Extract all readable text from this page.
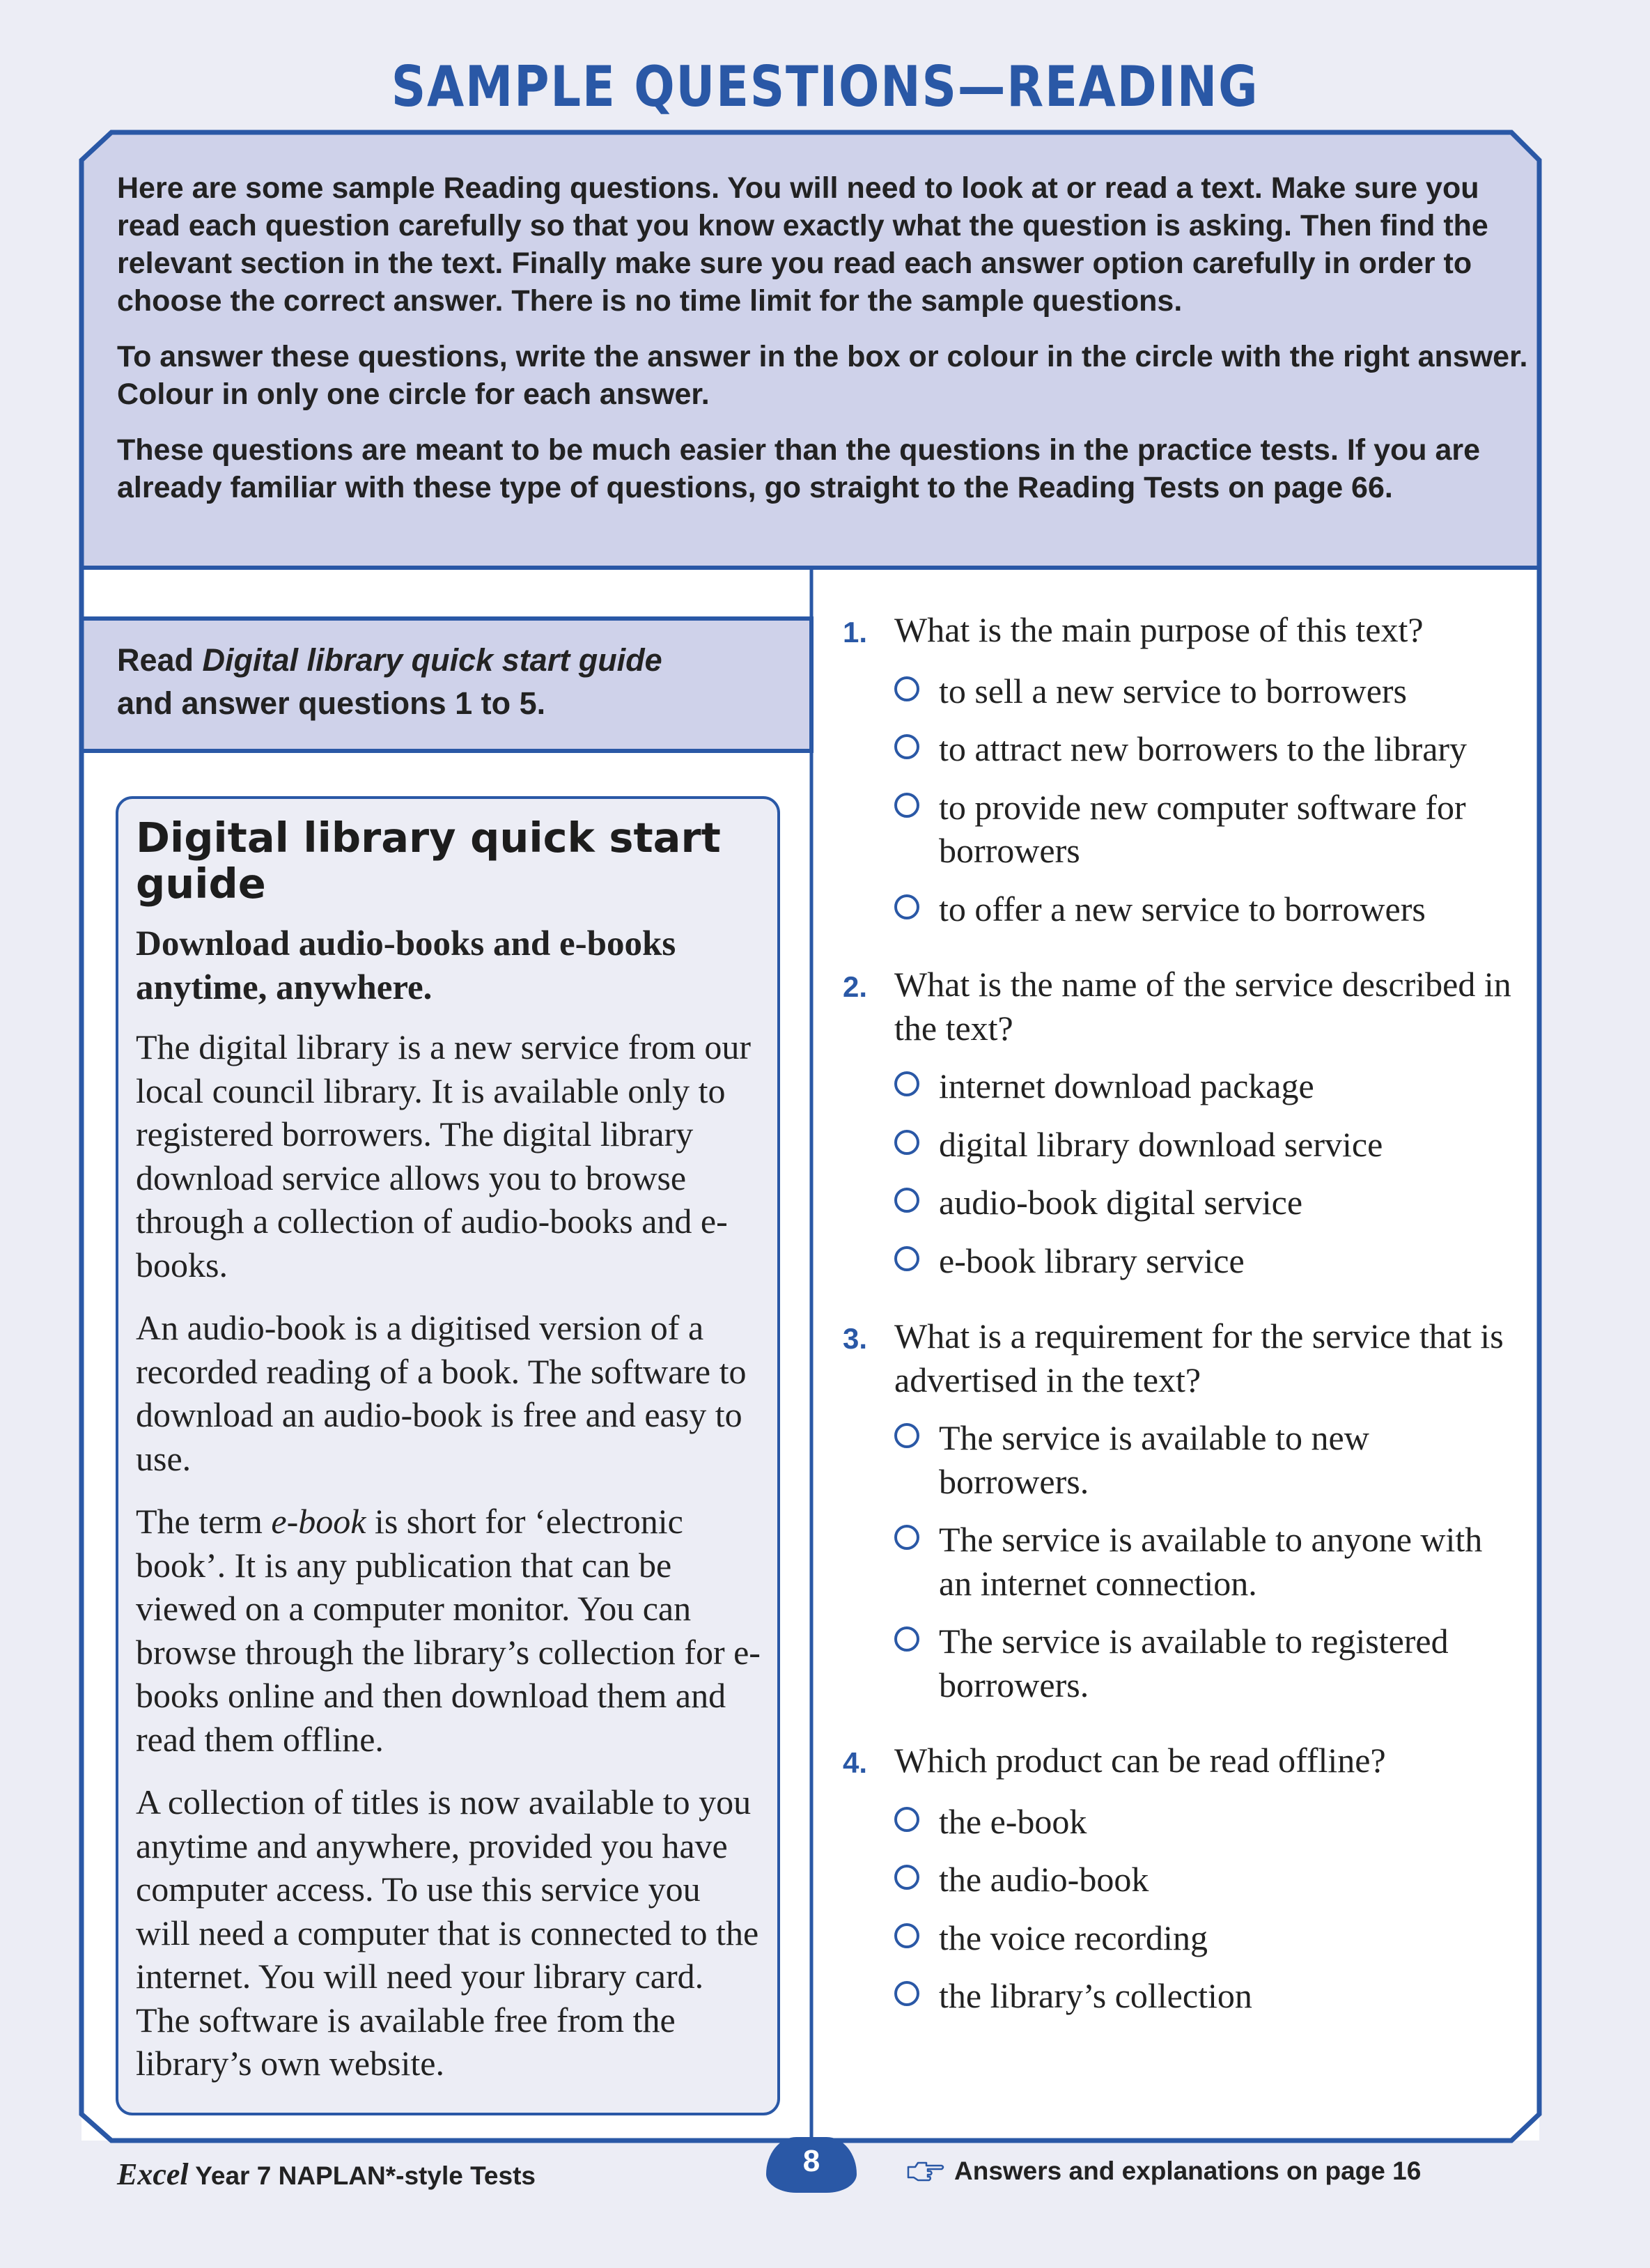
SAMPLE QUESTIONS—READING

Here are some sample Reading questions. You will need to look at or read a text. Make sure you read each question carefully so that you know exactly what the question is asking. Then find the relevant section in the text. Finally make sure you read each answer option carefully in order to choose the correct answer. There is no time limit for the sample questions.

To answer these questions, write the answer in the box or colour in the circle with the right answer. Colour in only one circle for each answer.

These questions are meant to be much easier than the questions in the practice tests. If you are already familiar with these type of questions, go straight to the Reading Tests on page 66.

Read Digital library quick start guide
and answer questions 1 to 5.
Digital library quick start guide
Download audio-books and e-books anytime, anywhere.

The digital library is a new service from our local council library. It is available only to registered borrowers. The digital library download service allows you to browse through a collection of audio-books and e-books.

An audio-book is a digitised version of a recorded reading of a book. The software to download an audio-book is free and easy to use.

The term e-book is short for ‘electronic book’. It is any publication that can be viewed on a computer monitor. You can browse through the library’s collection for e-books online and then download them and read them offline.

A collection of titles is now available to you anytime and anywhere, provided you have computer access. To use this service you will need a computer that is connected to the internet. You will need your library card. The software is available free from the library’s own website.

1. What is the main purpose of this text?
to sell a new service to borrowers
to attract new borrowers to the library
to provide new computer software for borrowers
to offer a new service to borrowers
2. What is the name of the service described in the text?
internet download package
digital library download service
audio-book digital service
e-book library service
3. What is a requirement for the service that is advertised in the text?
The service is available to new borrowers.
The service is available to anyone with an internet connection.
The service is available to registered borrowers.
4. Which product can be read offline?
the e-book
the audio-book
the voice recording
the library’s collection
Excel Year 7 NAPLAN*-style Tests	8	Answers and explanations on page 16
